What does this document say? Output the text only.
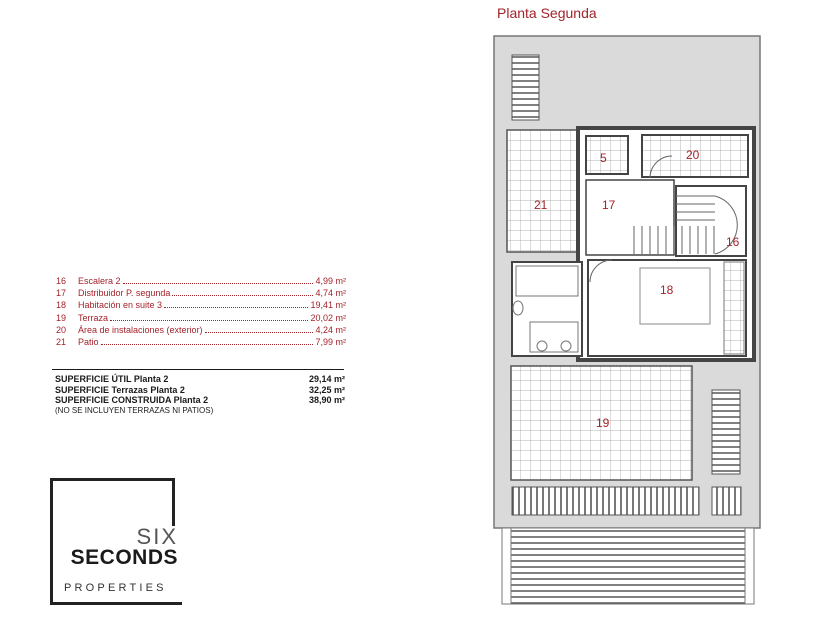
16	Escalera 2	4,99 m²
17	Distribuidor P. segunda	4,74 m²
18	Habitación en suite 3	19,41 m²
19	Terraza	20,02 m²
20	Área de instalaciones (exterior)	4,24 m²
21	Patio	7,99 m²
SUPERFICIE ÚTIL Planta 2	29,14 m²
SUPERFICIE Terrazas Planta 2	32,25 m²
SUPERFICIE CONSTRUIDA Planta 2	38,90 m²
(NO SE INCLUYEN TERRAZAS NI PATIOS)
Planta Segunda
21
5	20
17
16
18
19
SIX
SECONDS
PROPERTIES
